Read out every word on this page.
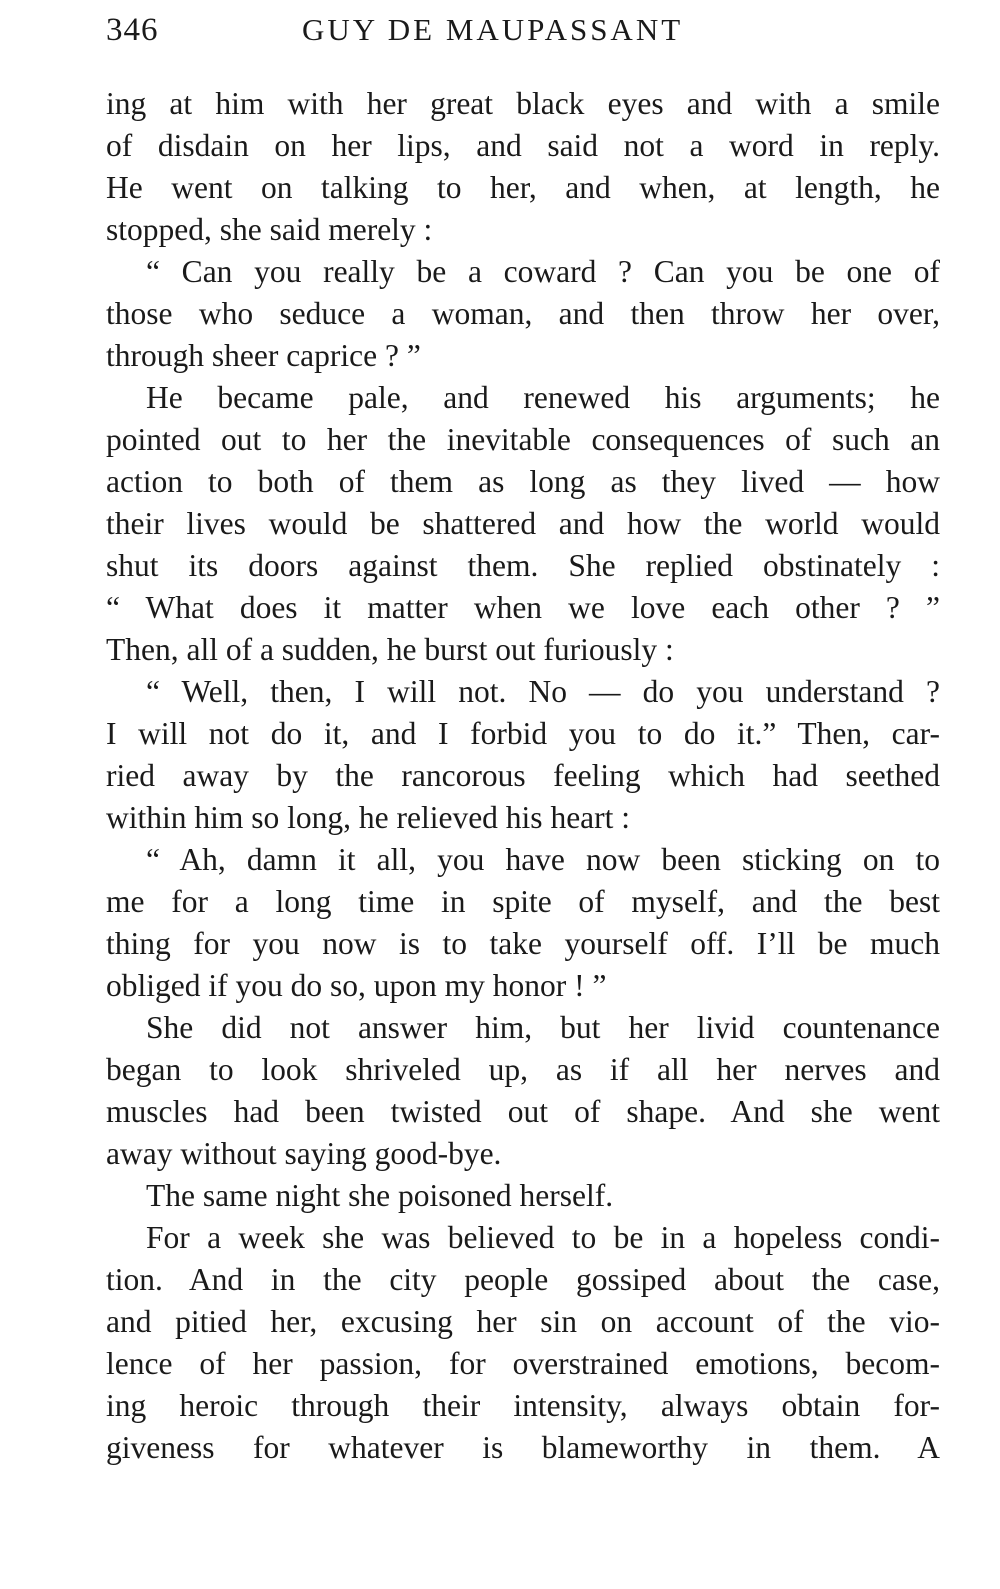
346	GUY DE MAUPASSANT
ing at him with her great black eyes and with a smile
of disdain on her lips, and said not a word in reply.
He went on talking to her, and when, at length, he
stopped, she said merely :
“ Can you really be a coward ? Can you be one of
those who seduce a woman, and then throw her over,
through sheer caprice ? ”
He became pale, and renewed his arguments; he
pointed out to her the inevitable consequences of such an
action to both of them as long as they lived — how
their lives would be shattered and how the world would
shut its doors against them. She replied obstinately :
“ What does it matter when we love each other ? ”
Then, all of a sudden, he burst out furiously :
“ Well, then, I will not. No — do you understand ?
I will not do it, and I forbid you to do it.” Then, car-
ried away by the rancorous feeling which had seethed
within him so long, he relieved his heart :
“ Ah, damn it all, you have now been sticking on to
me for a long time in spite of myself, and the best
thing for you now is to take yourself off. I’ll be much
obliged if you do so, upon my honor ! ”
She did not answer him, but her livid countenance
began to look shriveled up, as if all her nerves and
muscles had been twisted out of shape. And she went
away without saying good-bye.
The same night she poisoned herself.
For a week she was believed to be in a hopeless condi-
tion. And in the city people gossiped about the case,
and pitied her, excusing her sin on account of the vio-
lence of her passion, for overstrained emotions, becom-
ing heroic through their intensity, always obtain for-
giveness for whatever is blameworthy in them. A
